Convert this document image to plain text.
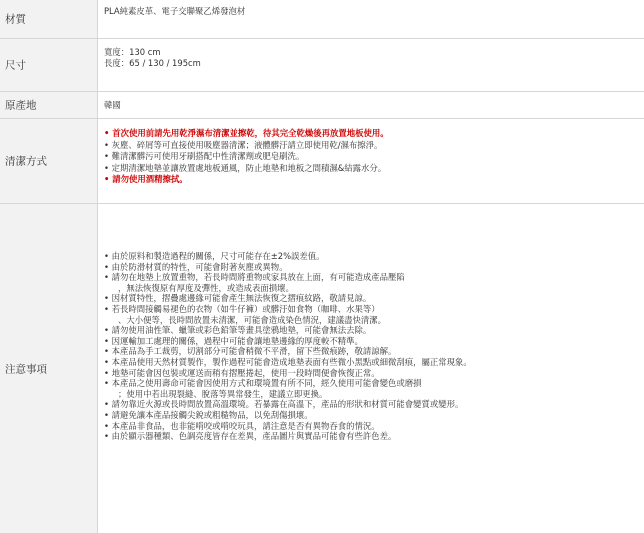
材質
PLA純素皮革、電子交聯聚乙烯發泡材
尺寸
寬度：130 cm
長度：65 / 130 / 195cm
原產地	韓國
清潔方式
• 首次使用前請先用乾淨濕布清潔並擦乾，待其完全乾燥後再放置地板使用。
• 灰塵、碎屑等可直接使用吸塵器清潔；液體髒汙請立即使用乾/濕布擦淨。
• 難清潔髒污可使用牙刷搭配中性清潔劑或肥皂刷洗。
• 定期清潔地墊並讓放置處地板通風，防止地墊和地板之間積濕&結露水分。
• 請勿使用酒精擦拭。
注意事項
• 由於原料和製造過程的關係，尺寸可能存在±2%誤差值。
• 由於防滑材質的特性，可能會附著灰塵或異物。
• 請勿在地墊上放置重物，若長時間將重物或家具放在上面，有可能造成產品壓陷
，無法恢復原有厚度及彈性，或造成表面損壞。
• 因材質特性，摺疊處邊緣可能會產生無法恢復之摺痕紋路，敬請見諒。
• 若長時間接觸易褪色的衣物（如牛仔褲）或髒汙如食物（咖啡、水果等）
、大小便等，長時間放置未清潔，可能會造成染色情況，建議盡快清潔。
• 請勿使用油性筆、蠟筆或彩色鉛筆等畫具塗鴉地墊，可能會無法去除。
• 因運輸加工處理的關係，過程中可能會讓地墊邊緣的厚度較不精準。
• 本產品為手工裁剪，切割部分可能會稍微不平滑，留下些微痕跡，敬請諒解。
• 本產品使用天然材質製作，製作過程可能會造成地墊表面有些微小黑點或細微刮痕，屬正常現象。
• 地墊可能會因包裝或運送而稍有摺壓捲起，使用一段時間便會恢復正常。
• 本產品之使用壽命可能會因使用方式和環境置有所不同，經久使用可能會變色或磨損
；使用中若出現裂縫、脫落等異常發生，建議立即更換。
• 請勿靠近火源或長時間放置高溫環境。若暴露在高溫下，產品的形狀和材質可能會變質或變形。
• 請避免讓本產品接觸尖銳或粗糙物品，以免刮傷損壞。
• 本產品非食品，也非能啃咬或啃咬玩具，請注意是否有異物吞食的情況。
• 由於顯示器種類、色調亮度皆存在差異，產品圖片與實品可能會有些許色差。
